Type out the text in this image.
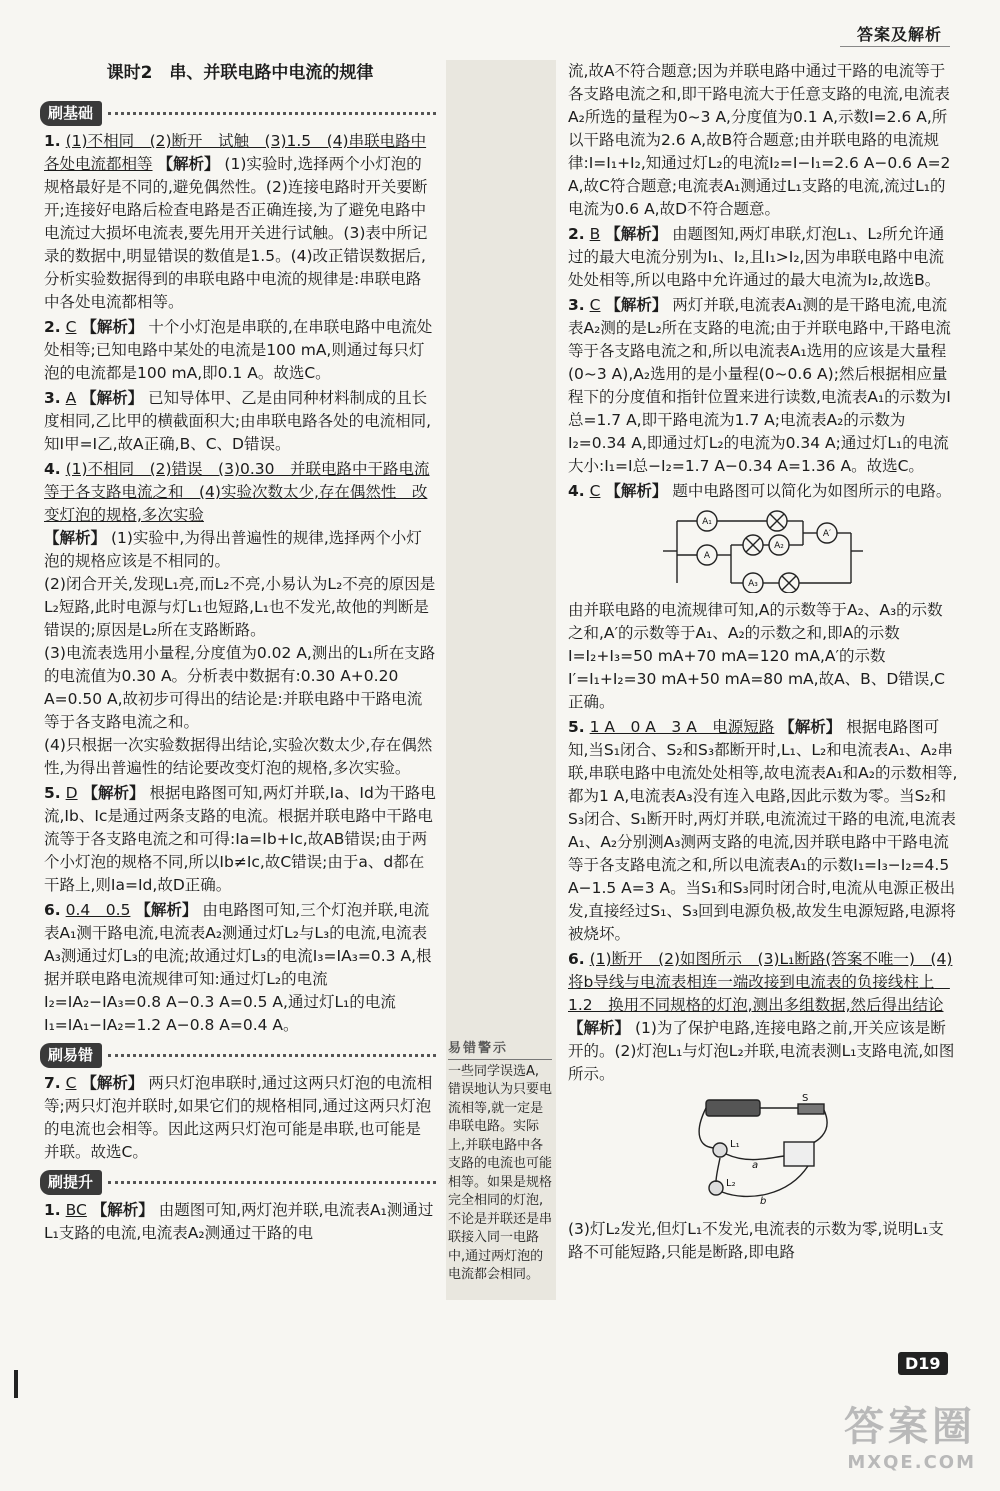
答案及解析
课时2　串、并联电路中电流的规律
刷基础
1. (1)不相同　(2)断开　试触　(3)1.5　(4)串联电路中各处电流都相等 【解析】 (1)实验时,选择两个小灯泡的规格最好是不同的,避免偶然性。(2)连接电路时开关要断开;连接好电路后检查电路是否正确连接,为了避免电路中电流过大损坏电流表,要先用开关进行试触。(3)表中所记录的数据中,明显错误的数值是1.5。(4)改正错误数据后,分析实验数据得到的串联电路中电流的规律是:串联电路中各处电流都相等。
2. C 【解析】 十个小灯泡是串联的,在串联电路中电流处处相等;已知电路中某处的电流是100 mA,则通过每只灯泡的电流都是100 mA,即0.1 A。故选C。
3. A 【解析】 已知导体甲、乙是由同种材料制成的且长度相同,乙比甲的横截面积大;由串联电路各处的电流相同,知I甲=I乙,故A正确,B、C、D错误。
4. (1)不相同　(2)错误　(3)0.30　并联电路中干路电流等于各支路电流之和　(4)实验次数太少,存在偶然性　改变灯泡的规格,多次实验

【解析】 (1)实验中,为得出普遍性的规律,选择两个小灯泡的规格应该是不相同的。

(2)闭合开关,发现L₁亮,而L₂不亮,小易认为L₂不亮的原因是L₂短路,此时电源与灯L₁也短路,L₁也不发光,故他的判断是错误的;原因是L₂所在支路断路。

(3)电流表选用小量程,分度值为0.02 A,测出的L₁所在支路的电流值为0.30 A。分析表中数据有:0.30 A+0.20 A=0.50 A,故初步可得出的结论是:并联电路中干路电流等于各支路电流之和。

(4)只根据一次实验数据得出结论,实验次数太少,存在偶然性,为得出普遍性的结论要改变灯泡的规格,多次实验。

5. D 【解析】 根据电路图可知,两灯并联,Ia、Id为干路电流,Ib、Ic是通过两条支路的电流。根据并联电路中干路电流等于各支路电流之和可得:Ia=Ib+Ic,故AB错误;由于两个小灯泡的规格不同,所以Ib≠Ic,故C错误;由于a、d都在干路上,则Ia=Id,故D正确。
6. 0.4　0.5 【解析】 由电路图可知,三个灯泡并联,电流表A₁测干路电流,电流表A₂测通过灯L₂与L₃的电流,电流表A₃测通过灯L₃的电流;故通过灯L₃的电流I₃=IA₃=0.3 A,根据并联电路电流规律可知:通过灯L₂的电流I₂=IA₂−IA₃=0.8 A−0.3 A=0.5 A,通过灯L₁的电流I₁=IA₁−IA₂=1.2 A−0.8 A=0.4 A。
刷易错
7. C 【解析】 两只灯泡串联时,通过这两只灯泡的电流相等;两只灯泡并联时,如果它们的规格相同,通过这两只灯泡的电流也会相等。因此这两只灯泡可能是串联,也可能是并联。故选C。
刷提升
1. BC 【解析】 由题图可知,两灯泡并联,电流表A₁测通过L₁支路的电流,电流表A₂测通过干路的电
易错警示
一些同学误选A,错误地认为只要电流相等,就一定是串联电路。实际上,并联电路中各支路的电流也可能相等。如果是规格完全相同的灯泡,不论是并联还是串联接入同一电路中,通过两灯泡的电流都会相同。
流,故A不符合题意;因为并联电路中通过干路的电流等于各支路电流之和,即干路电流大于任意支路的电流,电流表A₂所选的量程为0~3 A,分度值为0.1 A,示数I=2.6 A,所以干路电流为2.6 A,故B符合题意;由并联电路的电流规律:I=I₁+I₂,知通过灯L₂的电流I₂=I−I₁=2.6 A−0.6 A=2 A,故C符合题意;电流表A₁测通过L₁支路的电流,流过L₁的电流为0.6 A,故D不符合题意。
2. B 【解析】 由题图知,两灯串联,灯泡L₁、L₂所允许通过的最大电流分别为I₁、I₂,且I₁>I₂,因为串联电路中电流处处相等,所以电路中允许通过的最大电流为I₂,故选B。
3. C 【解析】 两灯并联,电流表A₁测的是干路电流,电流表A₂测的是L₂所在支路的电流;由于并联电路中,干路电流等于各支路电流之和,所以电流表A₁选用的应该是大量程(0~3 A),A₂选用的是小量程(0~0.6 A);然后根据相应量程下的分度值和指针位置来进行读数,电流表A₁的示数为I总=1.7 A,即干路电流为1.7 A;电流表A₂的示数为I₂=0.34 A,即通过灯L₂的电流为0.34 A;通过灯L₁的电流大小:I₁=I总−I₂=1.7 A−0.34 A=1.36 A。故选C。
4. C 【解析】 题中电路图可以简化为如图所示的电路。
A₁
A
A₂
A′
A₃
由并联电路的电流规律可知,A的示数等于A₂、A₃的示数之和,A′的示数等于A₁、A₂的示数之和,即A的示数I=I₂+I₃=50 mA+70 mA=120 mA,A′的示数I′=I₁+I₂=30 mA+50 mA=80 mA,故A、B、D错误,C正确。
5. 1 A　0 A　3 A　电源短路 【解析】 根据电路图可知,当S₁闭合、S₂和S₃都断开时,L₁、L₂和电流表A₁、A₂串联,串联电路中电流处处相等,故电流表A₁和A₂的示数相等,都为1 A,电流表A₃没有连入电路,因此示数为零。当S₂和S₃闭合、S₁断开时,两灯并联,电流流过干路的电流,电流表A₁、A₂分别测A₃测两支路的电流,因并联电路中干路电流等于各支路电流之和,所以电流表A₁的示数I₁=I₃−I₂=4.5 A−1.5 A=3 A。当S₁和S₃同时闭合时,电流从电源正极出发,直接经过S₁、S₃回到电源负极,故发生电源短路,电源将被烧坏。
6. (1)断开　(2)如图所示　(3)L₁断路(答案不唯一)　(4)将b导线与电流表相连一端改接到电流表的负接线柱上　1.2　换用不同规格的灯泡,测出多组数据,然后得出结论 【解析】 (1)为了保护电路,连接电路之前,开关应该是断开的。(2)灯泡L₁与灯泡L₂并联,电流表测L₁支路电流,如图所示。
S
L₁
L₂
a
b
(3)灯L₂发光,但灯L₁不发光,电流表的示数为零,说明L₁支路不可能短路,只能是断路,即电路
D19
答案圈
MXQE.COM
